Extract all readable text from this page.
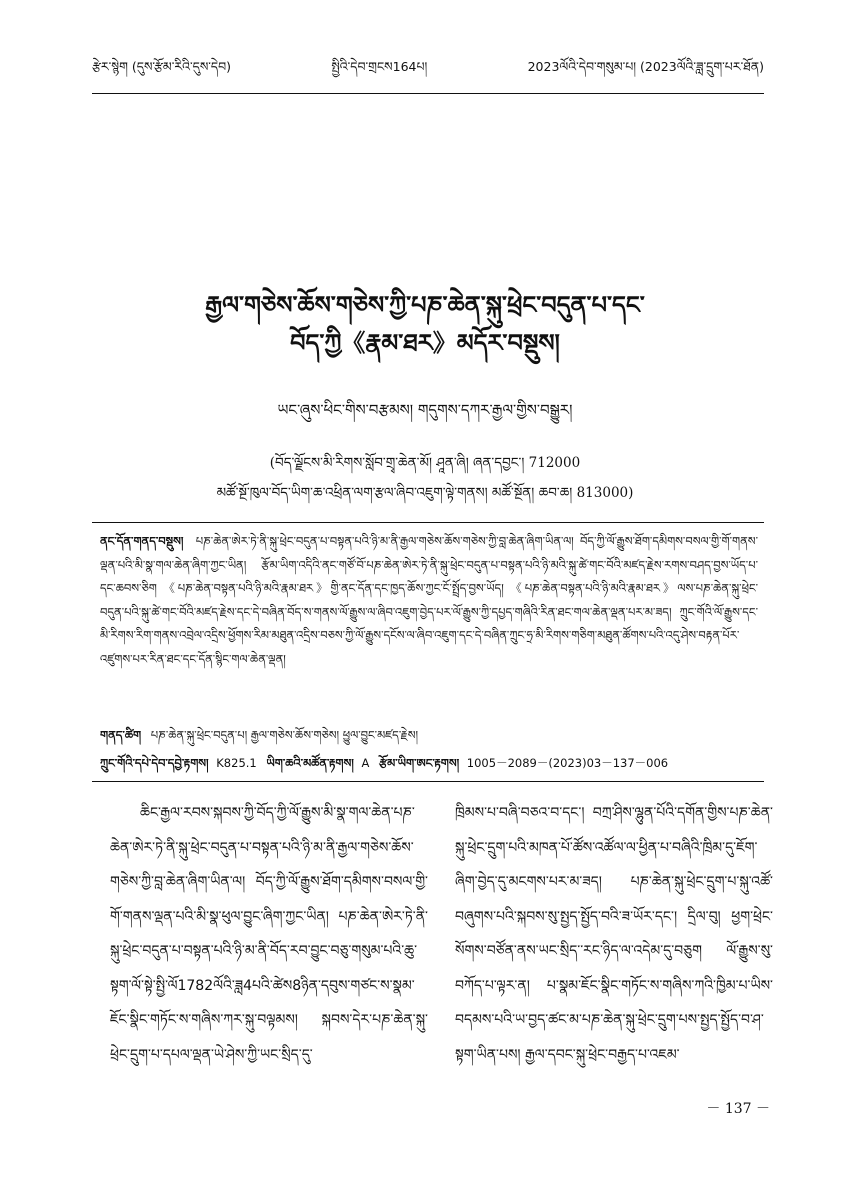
རྩེར་སྙེག (དུས་རྩོམ་རིའི་དུས་དེབ)	སྤྱིའི་དེབ་གྲངས164པ།	2023ལོའི་དེབ་གསུམ་པ། (2023ལོའི་ཟླ་དྲུག་པར་ཐོན)
རྒྱལ་གཅེས་ཆོས་གཅེས་ཀྱི་པཎ་ཆེན་སྐུ་ཕྲེང་བདུན་པ་དང་
བོད་ཀྱི《རྣམ་ཐར》མདོར་བསྡུས།
ཡང་ཞུས་ཕིང་གིས་བརྩམས། གདུགས་དཀར་རྒྱལ་གྱིས་བསྒྱུར།
(བོད་ལྗོངས་མི་རིགས་སློབ་གྲྭ་ཆེན་མོ། ཤཱན་ཞི། ཞན་དབྱང་། 712000
མཚོ་སྔོ་ཁུལ་བོད་ཡིག་ཆ་འཕྲིན་ལག་རྩལ་ཞིབ་འཇུག་ལྟེ་གནས། མཚོ་སྔོན། ཆབ་ཆ། 813000)
ནང་དོན་གནད་བསྡུས། པཎ་ཆེན་ཨེར་ཏེ་ནི་སྐུ་ཕྲེང་བདུན་པ་བསྟན་པའི་ཉི་མ་ནི་རྒྱལ་གཅེས་ཆོས་གཅེས་ཀྱི་བླ་ཆེན་ཞིག་ཡིན་ལ། བོད་ཀྱི་ལོ་རྒྱུས་ཐོག་དམིགས་བསལ་གྱི་གོ་གནས་ལྡན་པའི་མི་སྣ་གལ་ཆེན་ཞིག་ཀྱང་ཡིན། རྩོམ་ཡིག་འདིའི་ནང་གཙོ་བོ་པཎ་ཆེན་ཨེར་ཏེ་ནི་སྐུ་ཕྲེང་བདུན་པ་བསྟན་པའི་ཉི་མའི་སྐུ་ཚེ་གང་བོའི་མཛད་རྗེས་རགས་བཤད་བྱས་ཡོད་པ་དང་ཆབས་ཅིག 《པཎ་ཆེན་བསྟན་པའི་ཉི་མའི་རྣམ་ཐར》གྱི་ནང་དོན་དང་ཁྱད་ཆོས་ཀྱང་ངོ་སྤྲོད་བྱས་ཡོད། 《པཎ་ཆེན་བསྟན་པའི་ཉི་མའི་རྣམ་ཐར》ལས་པཎ་ཆེན་སྐུ་ཕྲེང་བདུན་པའི་སྐུ་ཚེ་གང་བོའི་མཛད་རྗེས་དང་དེ་བཞིན་བོད་ས་གནས་ལོ་རྒྱུས་ལ་ཞིབ་འཇུག་བྱེད་པར་ལོ་རྒྱུས་ཀྱི་དཔྱད་གཞིའི་རིན་ཐང་གལ་ཆེན་ལྡན་པར་མ་ཟད། ཀྲུང་གོའི་ལོ་རྒྱུས་དང་མི་རིགས་རིག་གནས་འབྲེལ་འདྲིས་ཕྱོགས་རིམ་མཐུན་འདྲིས་བཅས་ཀྱི་ལོ་རྒྱུས་དངོས་ལ་ཞིབ་འཇུག་དང་དེ་བཞིན་ཀྲུང་ཧྲ་མི་རིགས་གཅིག་མཐུན་ཚོགས་པའི་འདུ་ཤེས་བརྟན་པོར་འཛུགས་པར་རིན་ཐང་དང་དོན་སྙིང་གལ་ཆེན་ལྡན།
གནད་ཚིག པཎ་ཆེན་སྐུ་ཕྲེང་བདུན་པ། རྒྱལ་གཅེས་ཆོས་གཅེས། ཕྱུལ་བྱུང་མཛད་རྗེས།
ཀྲུང་གོའི་དཔེ་དེབ་དབྱེ་རྟགས། K825.1 ཡིག་ཆའི་མཚོན་རྟགས། A རྩོམ་ཡིག་ཨང་རྟགས། 1005－2089－(2023)03－137－006
ཆིང་རྒྱལ་རབས་སྐབས་ཀྱི་བོད་ཀྱི་ལོ་རྒྱུས་མི་སྣ་གལ་ཆེན་པཎ་ཆེན་ཨེར་ཏེ་ནི་སྐུ་ཕྲེང་བདུན་པ་བསྟན་པའི་ཉི་མ་ནི་རྒྱལ་གཅེས་ཆོས་གཅེས་ཀྱི་བླ་ཆེན་ཞིག་ཡིན་ལ། བོད་ཀྱི་ལོ་རྒྱུས་ཐོག་དམིགས་བསལ་གྱི་གོ་གནས་ལྡན་པའི་མི་སྣ་ཕུལ་བྱུང་ཞིག་ཀྱང་ཡིན། པཎ་ཆེན་ཨེར་ཏེ་ནི་སྐུ་ཕྲེང་བདུན་པ་བསྟན་པའི་ཉི་མ་ནི་བོད་རབ་བྱུང་བཅུ་གསུམ་པའི་ཆུ་སྟག་ལོ་སྟེ་སྤྱི་ལོ1782ལོའི་ཟླ4པའི་ཚེས8ཉིན་དབུས་གཙང་ས་སྣམ་ཇོང་སྣིང་གཏོང་ས་གཞིས་ཀར་སྐུ་བལྟམས། སྐབས་དེར་པཎ་ཆེན་སྐུ་ཕྲེང་དྲུག་པ་དཔལ་ལྡན་ཡེ་ཤེས་ཀྱི་ཡང་སྲིད་དུ་
ཁྲིམས་པ་བཞི་བཅའ་བ་དང་། བཀྲ་ཤིས་ལྷུན་པོའི་དགོན་གྱིས་པཎ་ཆེན་སྐུ་ཕྲེང་དྲུག་པའི་མཁན་པོ་ཚོས་འཚོལ་ལ་ཕྱིན་པ་བཞིའི་ཁྲིམ་དུ་ཇོག་ཞིག་བྱེད་དུ་མངགས་པར་མ་ཟད། པཎ་ཆེན་སྐུ་ཕྲེང་དྲུག་པ་སྐུ་འཚོ་བཞུགས་པའི་སྐབས་སུ་སྤྱད་སྤྱོད་བའི་ཟ་ཡོར་དང་། དྲིལ་བུ། ཕྱག་ཕྲེང་སོགས་བཙོན་ནས་ཡང་སྲིད་་རང་ཉིད་ལ་འདེམ་དུ་བཅུག ལོ་རྒྱུས་སུ་བཀོད་པ་ལྟར་ན། པ་སྣམ་ཇོང་སྣིང་གཏོང་ས་གཞིས་ཀའི་ཁྱིམ་པ་ཡིས་བདམས་པའི་ཡ་བྱད་ཚང་མ་པཎ་ཆེན་སྐུ་ཕྲེང་དྲུག་པས་སྤྱད་སྤྱོད་བ་ཤ་སྟག་ཡིན་པས། རྒྱལ་དབང་སྐུ་ཕྲེང་བརྒྱད་པ་འཇམ་
－ 137 －
